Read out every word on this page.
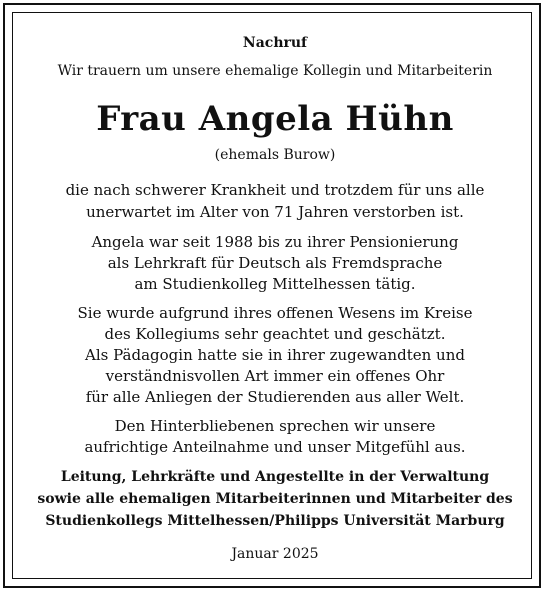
Nachruf
Wir trauern um unsere ehemalige Kollegin und Mitarbeiterin
Frau Angela Hühn
(ehemals Burow)
die nach schwerer Krankheit und trotzdem für uns alle
unerwartet im Alter von 71 Jahren verstorben ist.
Angela war seit 1988 bis zu ihrer Pensionierung
als Lehrkraft für Deutsch als Fremdsprache
am Studienkolleg Mittelhessen tätig.
Sie wurde aufgrund ihres offenen Wesens im Kreise
des Kollegiums sehr geachtet und geschätzt.
Als Pädagogin hatte sie in ihrer zugewandten und
verständnisvollen Art immer ein offenes Ohr
für alle Anliegen der Studierenden aus aller Welt.
Den Hinterbliebenen sprechen wir unsere
aufrichtige Anteilnahme und unser Mitgefühl aus.
Leitung, Lehrkräfte und Angestellte in der Verwaltung
sowie alle ehemaligen Mitarbeiterinnen und Mitarbeiter des
Studienkollegs Mittelhessen/Philipps Universität Marburg
Januar 2025
